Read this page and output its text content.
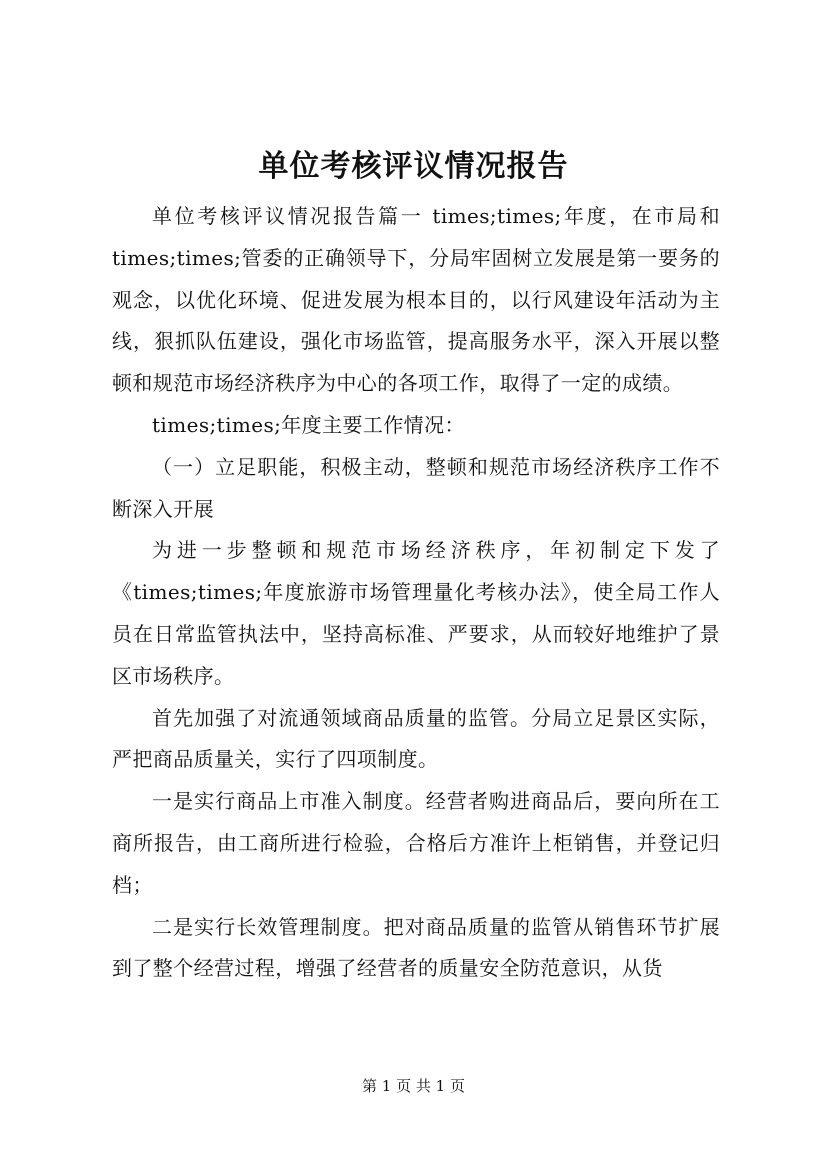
单位考核评议情况报告

单位考核评议情况报告篇一 times;times;年度，在市局和 times;times;管委的正确领导下，分局牢固树立发展是第一要务的观念，以优化环境、促进发展为根本目的，以行风建设年活动为主线，狠抓队伍建设，强化市场监管，提高服务水平，深入开展以整顿和规范市场经济秩序为中心的各项工作，取得了一定的成绩。

times;times;年度主要工作情况：

（一）立足职能，积极主动，整顿和规范市场经济秩序工作不断深入开展

为进一步整顿和规范市场经济秩序，年初制定下发了《times;times;年度旅游市场管理量化考核办法》，使全局工作人员在日常监管执法中，坚持高标准、严要求，从而较好地维护了景区市场秩序。

首先加强了对流通领域商品质量的监管。分局立足景区实际，严把商品质量关，实行了四项制度。

一是实行商品上市准入制度。经营者购进商品后，要向所在工商所报告，由工商所进行检验，合格后方准许上柜销售，并登记归档；

二是实行长效管理制度。把对商品质量的监管从销售环节扩展到了整个经营过程，增强了经营者的质量安全防范意识，从货

第 1 页 共 1 页
